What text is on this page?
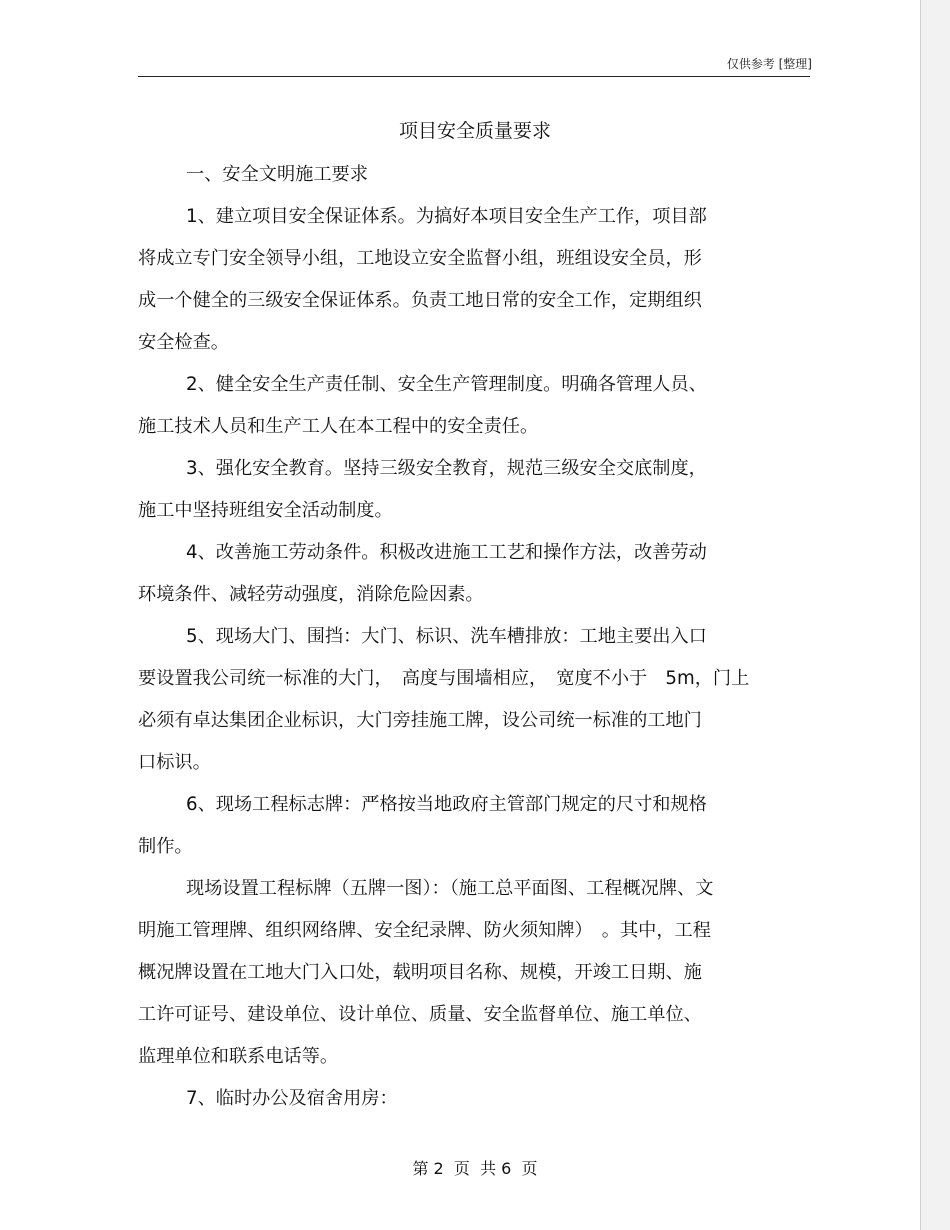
仅供参考 [整理]
项目安全质量要求

一、安全文明施工要求

1、建立项目安全保证体系。为搞好本项目安全生产工作，项目部
将成立专门安全领导小组，工地设立安全监督小组，班组设安全员，形
成一个健全的三级安全保证体系。负责工地日常的安全工作，定期组织
安全检查。

2、健全安全生产责任制、安全生产管理制度。明确各管理人员、
施工技术人员和生产工人在本工程中的安全责任。

3、强化安全教育。坚持三级安全教育，规范三级安全交底制度，
施工中坚持班组安全活动制度。

4、改善施工劳动条件。积极改进施工工艺和操作方法，改善劳动
环境条件、减轻劳动强度，消除危险因素。

5、现场大门、围挡：大门、标识、洗车槽排放：工地主要出入口
要设置我公司统一标准的大门，　高度与围墙相应，　宽度不小于　5m，门上
必须有卓达集团企业标识，大门旁挂施工牌，设公司统一标准的工地门
口标识。

6、现场工程标志牌：严格按当地政府主管部门规定的尺寸和规格
制作。

现场设置工程标牌（五牌一图）：（施工总平面图、工程概况牌、文
明施工管理牌、组织网络牌、安全纪录牌、防火须知牌）　。其中，工程
概况牌设置在工地大门入口处，载明项目名称、规模，开竣工日期、施
工许可证号、建设单位、设计单位、质量、安全监督单位、施工单位、
监理单位和联系电话等。

7、临时办公及宿舍用房：

第 2  页  共 6  页
